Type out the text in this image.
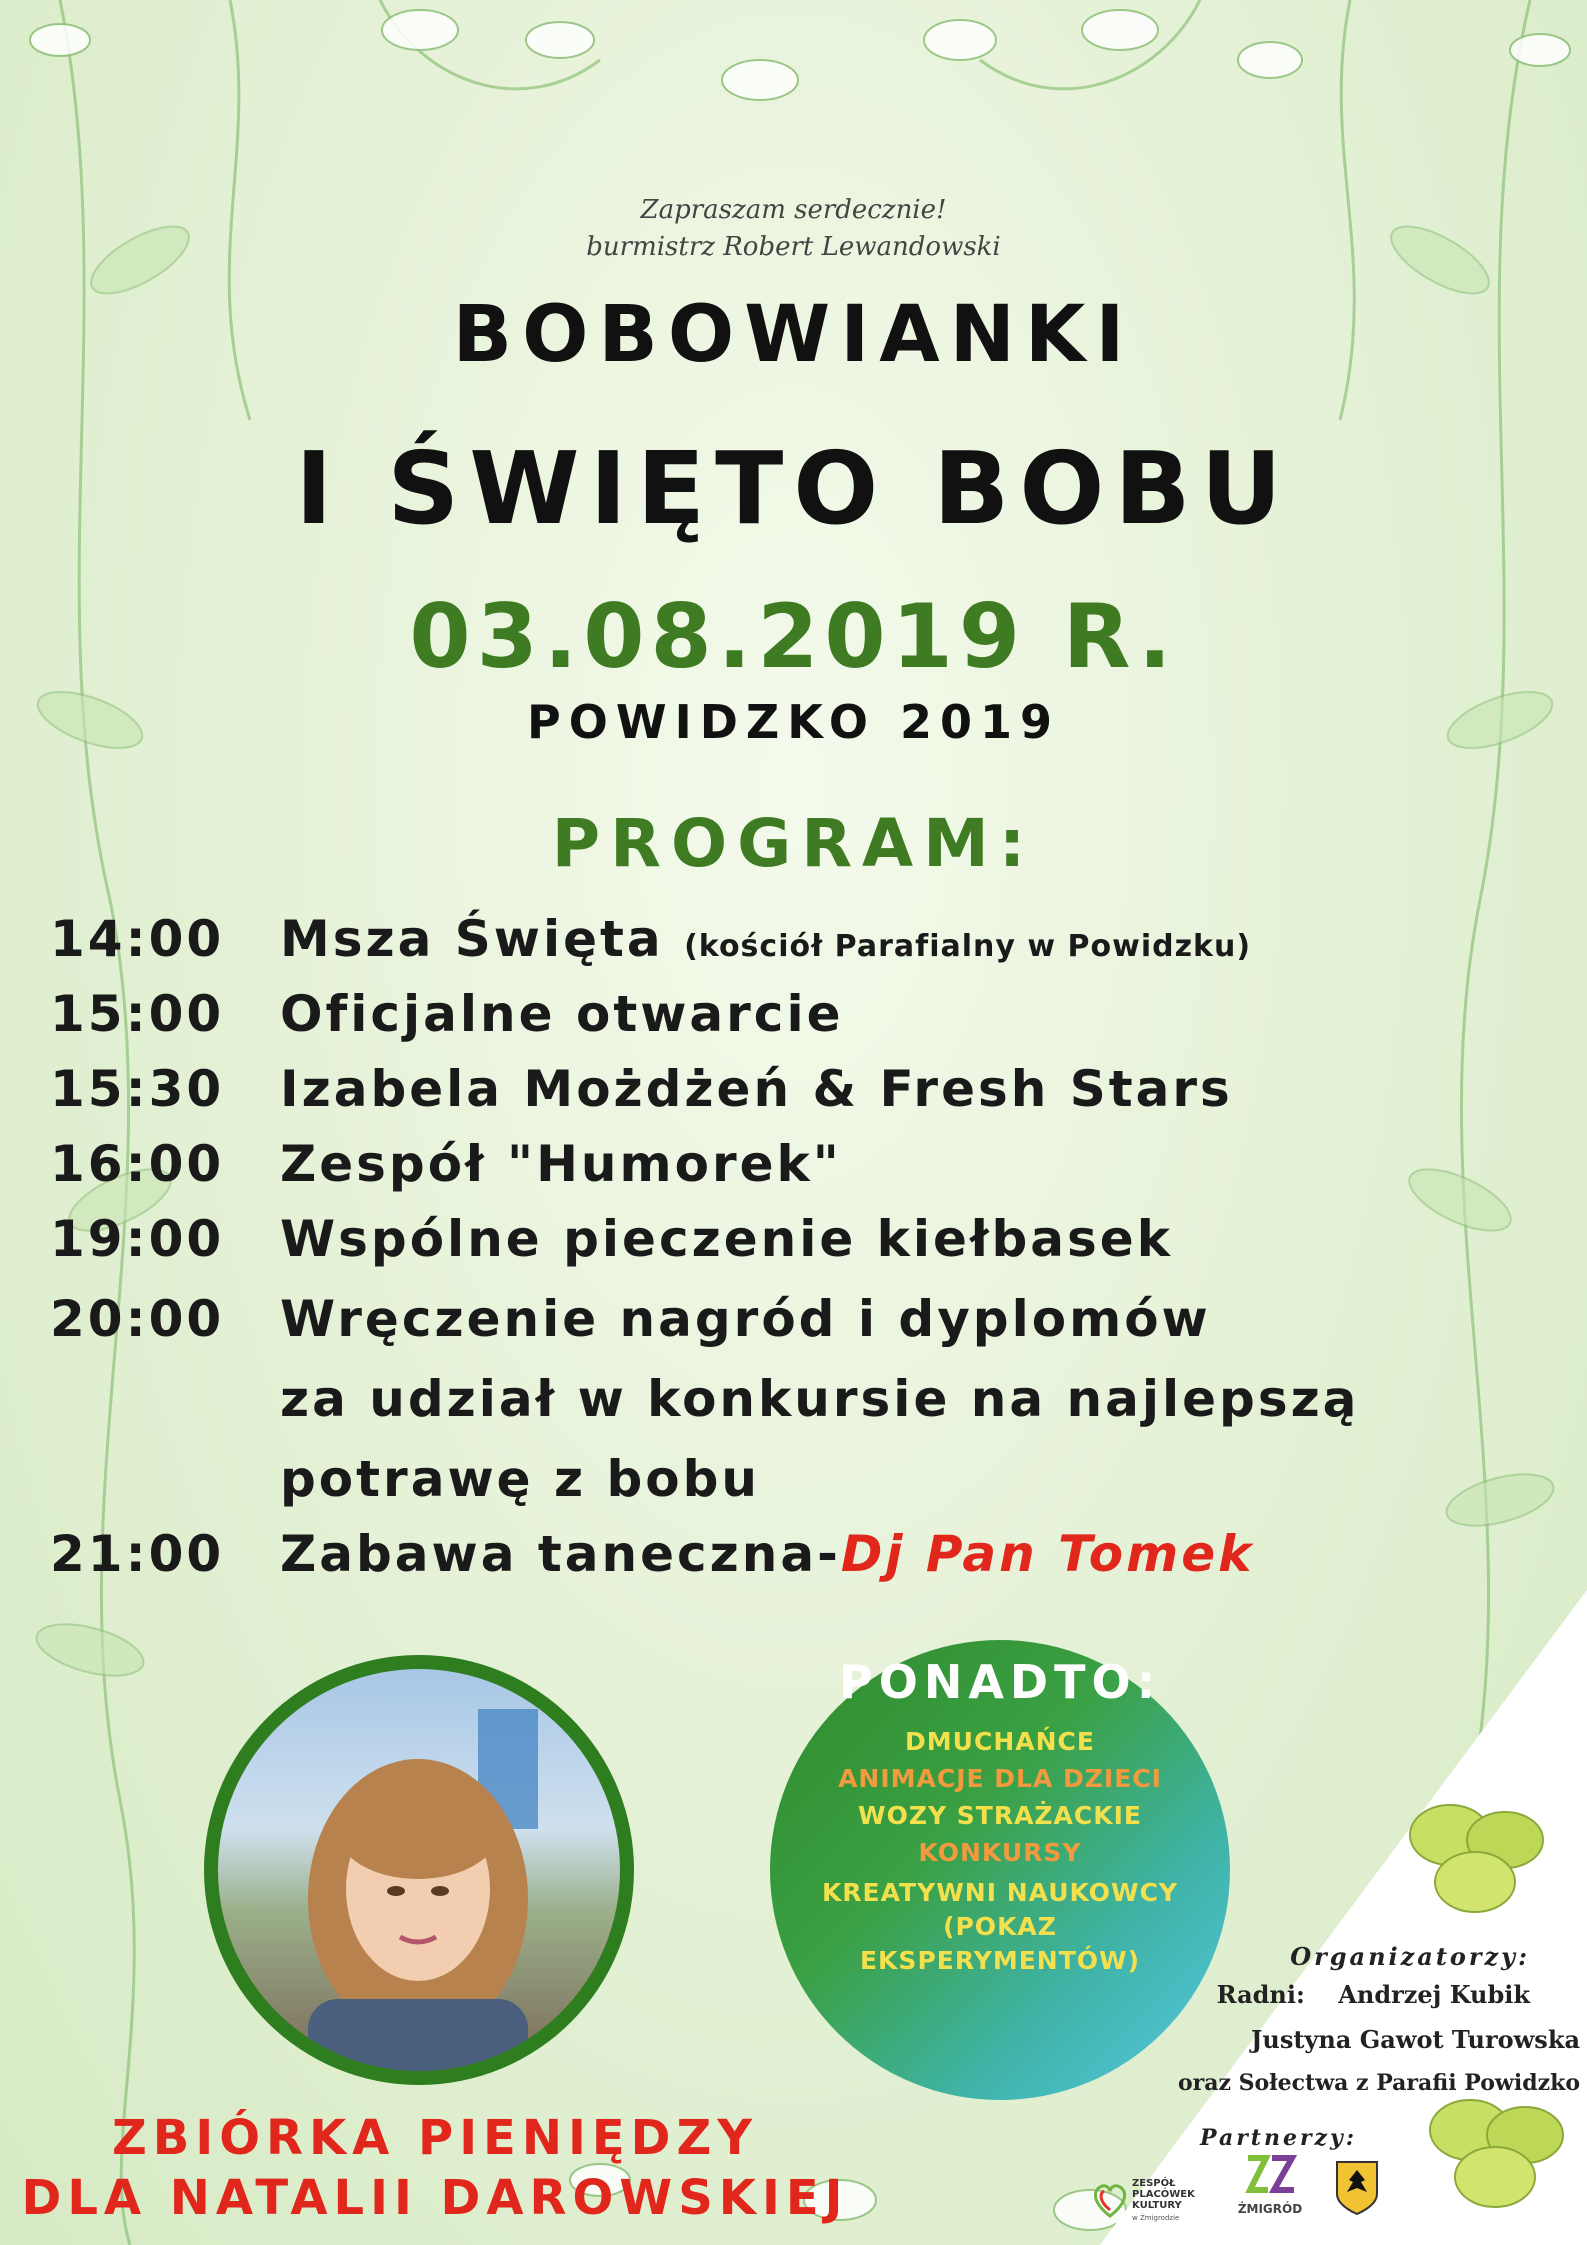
Zapraszam serdecznie!
burmistrz Robert Lewandowski
BOBOWIANKI
I ŚWIĘTO BOBU
03.08.2019 R.
POWIDZKO 2019
PROGRAM:
14:00 Msza Święta (kościół Parafialny w Powidzku)
15:00 Oficjalne otwarcie
15:30 Izabela Możdżeń & Fresh Stars
16:00 Zespół "Humorek"
19:00 Wspólne pieczenie kiełbasek
20:00 Wręczenie nagród i dyplomów
za udział w konkursie na najlepszą
potrawę z bobu
21:00 Zabawa taneczna-Dj Pan Tomek
PONADTO:
DMUCHAŃCE
ANIMACJE DLA DZIECI
WOZY STRAŻACKIE
KONKURSY
KREATYWNI NAUKOWCY
(POKAZ
EKSPERYMENTÓW)	Organizatorzy:
Radni:    Andrzej Kubik
Justyna Gawot Turowska
oraz Sołectwa z Parafii Powidzko
Partnerzy:
ZESPÓŁ PLACÓWEK KULTURY
w Żmigrodzie
ŻMIGRÓD
ZBIÓRKA PIENIĘDZY
DLA NATALII DAROWSKIEJ
